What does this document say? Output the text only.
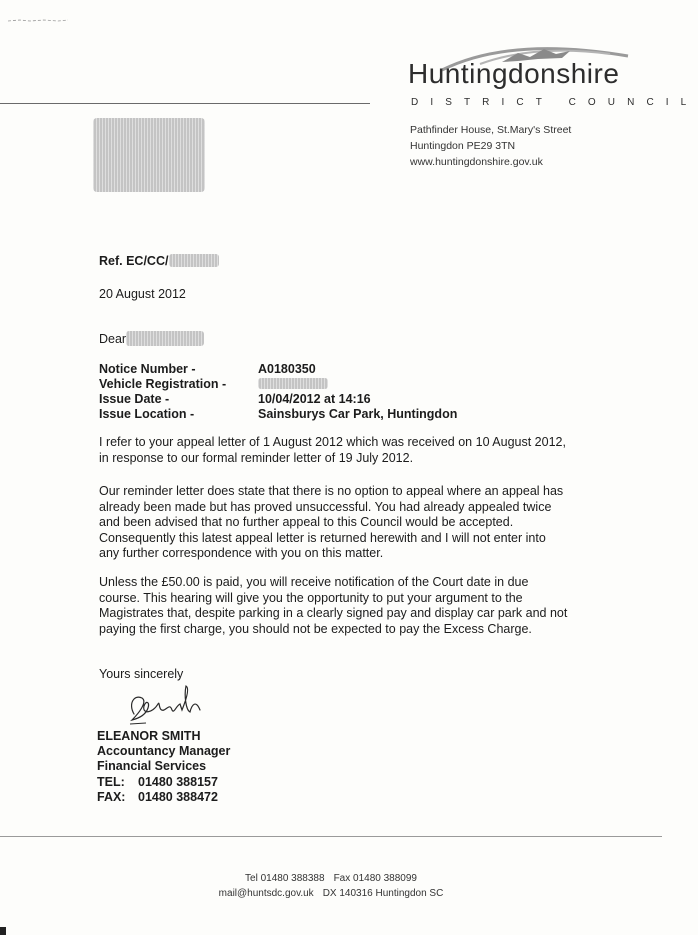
Huntingdonshire
DISTRICT COUNCIL
Pathfinder House, St.Mary's Street
Huntingdon PE29 3TN
www.huntingdonshire.gov.uk
Ref. EC/CC/
20 August 2012
Dear
Notice Number -	A0180350
Vehicle Registration -
Issue Date -	10/04/2012 at 14:16
Issue Location -	Sainsburys Car Park, Huntingdon
I refer to your appeal letter of 1 August 2012 which was received on 10 August 2012, in response to our formal reminder letter of 19 July 2012.
Our reminder letter does state that there is no option to appeal where an appeal has already been made but has proved unsuccessful. You had already appealed twice and been advised that no further appeal to this Council would be accepted. Consequently this latest appeal letter is returned herewith and I will not enter into any further correspondence with you on this matter.
Unless the £50.00 is paid, you will receive notification of the Court date in due course. This hearing will give you the opportunity to put your argument to the Magistrates that, despite parking in a clearly signed pay and display car park and not paying the first charge, you should not be expected to pay the Excess Charge.
Yours sincerely
ELEANOR SMITH
Accountancy Manager
Financial Services
TEL: 01480 388157
FAX: 01480 388472
Tel 01480 388388 Fax 01480 388099
mail@huntsdc.gov.uk DX 140316 Huntingdon SC
